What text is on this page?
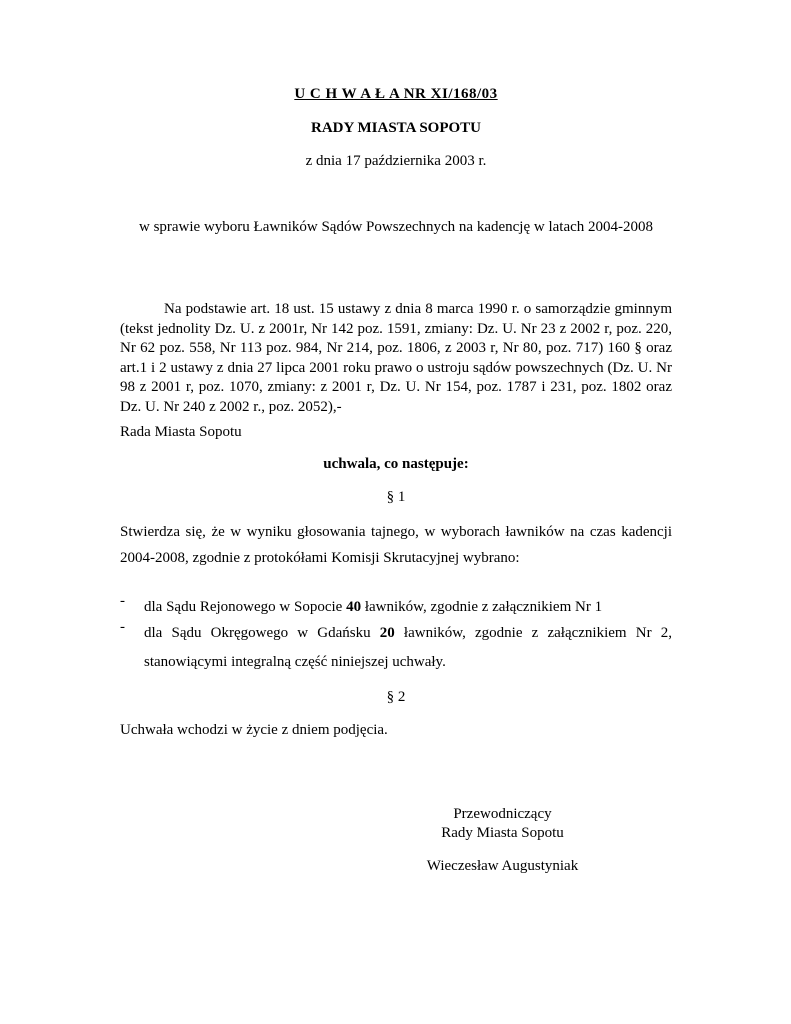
U C H W A Ł A NR XI/168/03
RADY MIASTA SOPOTU
z dnia 17 października 2003 r.
w sprawie wyboru Ławników Sądów Powszechnych na kadencję w latach 2004-2008

Na podstawie art. 18 ust. 15 ustawy z dnia 8 marca 1990 r. o samorządzie gminnym (tekst jednolity Dz. U. z 2001r, Nr 142 poz. 1591, zmiany: Dz. U. Nr 23 z 2002 r, poz. 220, Nr 62 poz. 558, Nr 113 poz. 984, Nr 214, poz. 1806, z 2003 r, Nr 80, poz. 717) 160 § oraz art.1 i 2 ustawy z dnia 27 lipca 2001 roku prawo o ustroju sądów powszechnych (Dz. U. Nr 98 z 2001 r, poz. 1070, zmiany: z 2001 r, Dz. U. Nr 154, poz. 1787 i 231, poz. 1802 oraz Dz. U. Nr 240 z 2002 r., poz. 2052),-

Rada Miasta Sopotu

uchwala, co następuje:
§ 1

Stwierdza się, że w wyniku głosowania tajnego, w wyborach ławników na czas kadencji 2004-2008, zgodnie z protokółami Komisji Skrutacyjnej wybrano:

- dla Sądu Rejonowego w Sopocie 40 ławników, zgodnie z załącznikiem Nr 1
- dla Sądu Okręgowego w Gdańsku 20 ławników, zgodnie z załącznikiem Nr 2, stanowiącymi integralną część niniejszej uchwały.
§ 2

Uchwała wchodzi w życie z dniem podjęcia.

Przewodniczący
Rady Miasta Sopotu
Wieczesław Augustyniak
